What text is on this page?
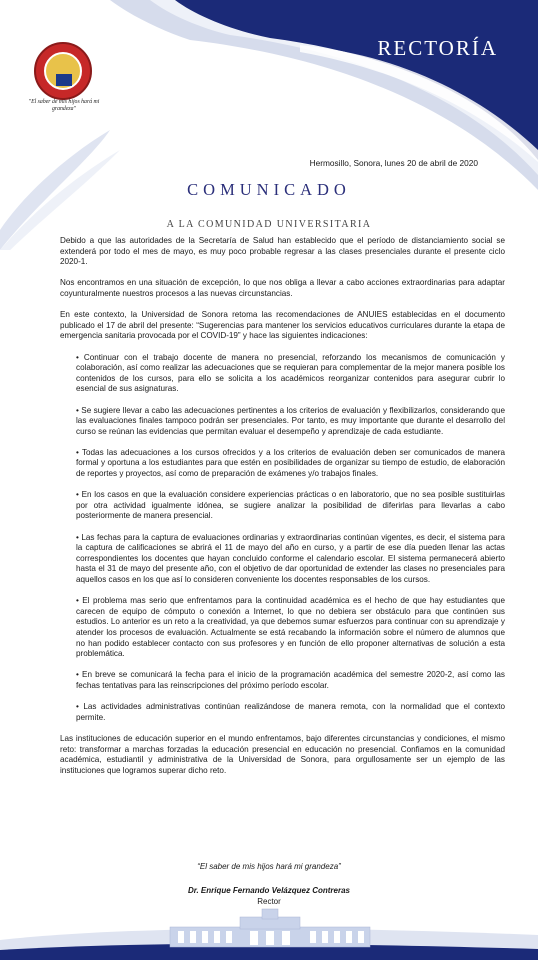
"El saber de mis hijos hará mi grandeza"
RECTORÍA
Hermosillo, Sonora, lunes 20 de abril de 2020
COMUNICADO
A LA COMUNIDAD UNIVERSITARIA

Debido a que las autoridades de la Secretaría de Salud han establecido que el período de distanciamiento social se extenderá por todo el mes de mayo, es muy poco probable regresar a las clases presenciales durante el presente ciclo 2020-1.

Nos encontramos en una situación de excepción, lo que nos obliga a llevar a cabo acciones extraordinarias para adaptar coyunturalmente nuestros procesos a las nuevas circunstancias.

En este contexto, la Universidad de Sonora retoma las recomendaciones de ANUIES establecidas en el documento publicado el 17 de abril del presente: “Sugerencias para mantener los servicios educativos curriculares durante la etapa de emergencia sanitaria provocada por el COVID-19” y hace las siguientes indicaciones:

• Continuar con el trabajo docente de manera no presencial, reforzando los mecanismos de comunicación y colaboración, así como realizar las adecuaciones que se requieran para complementar de la mejor manera posible los contenidos de los cursos, para ello se solicita a los académicos reorganizar contenidos para asegurar cubrir lo esencial de sus asignaturas.

• Se sugiere llevar a cabo las adecuaciones pertinentes a los criterios de evaluación y flexibilizarlos, considerando que las evaluaciones finales tampoco podrán ser presenciales. Por tanto, es muy importante que durante el desarrollo del curso se reúnan las evidencias que permitan evaluar el desempeño y aprendizaje de cada estudiante.

• Todas las adecuaciones a los cursos ofrecidos y a los criterios de evaluación deben ser comunicados de manera formal y oportuna a los estudiantes para que estén en posibilidades de organizar su tiempo de estudio, de elaboración de reportes y proyectos, así como de preparación de exámenes y/o trabajos finales.

• En los casos en que la evaluación considere experiencias prácticas o en laboratorio, que no sea posible sustituirlas por otra actividad igualmente idónea, se sugiere analizar la posibilidad de diferirlas para llevarlas a cabo posteriormente de manera presencial.

• Las fechas para la captura de evaluaciones ordinarias y extraordinarias continúan vigentes, es decir, el sistema para la captura de calificaciones se abrirá el 11 de mayo del año en curso, y a partir de ese día pueden llenar las actas correspondientes los docentes que hayan concluido conforme el calendario escolar. El sistema permanecerá abierto hasta el 31 de mayo del presente año, con el objetivo de dar oportunidad de extender las clases no presenciales para aquellos casos en los que así lo consideren conveniente los docentes responsables de los cursos.

• El problema mas serio que enfrentamos para la continuidad académica es el hecho de que hay estudiantes que carecen de equipo de cómputo o conexión a Internet, lo que no debiera ser obstáculo para que continúen sus estudios. Lo anterior es un reto a la creatividad, ya que debemos sumar esfuerzos para continuar con su aprendizaje y atender los procesos de evaluación. Actualmente se está recabando la información sobre el número de alumnos que no han podido establecer contacto con sus profesores y en función de ello proponer alternativas de solución a esta problemática.

• En breve se comunicará la fecha para el inicio de la programación académica del semestre 2020-2, así como las fechas tentativas para las reinscripciones del próximo período escolar.

• Las actividades administrativas continúan realizándose de manera remota, con la normalidad que el contexto permite.

Las instituciones de educación superior en el mundo enfrentamos, bajo diferentes circunstancias y condiciones, el mismo reto: transformar a marchas forzadas la educación presencial en educación no presencial. Confiamos en la comunidad académica, estudiantil y administrativa de la Universidad de Sonora, para orgullosamente ser un ejemplo de las instituciones que logramos superar dicho reto.

“El saber de mis hijos hará mi grandeza”
Dr. Enrique Fernando Velázquez Contreras
Rector
